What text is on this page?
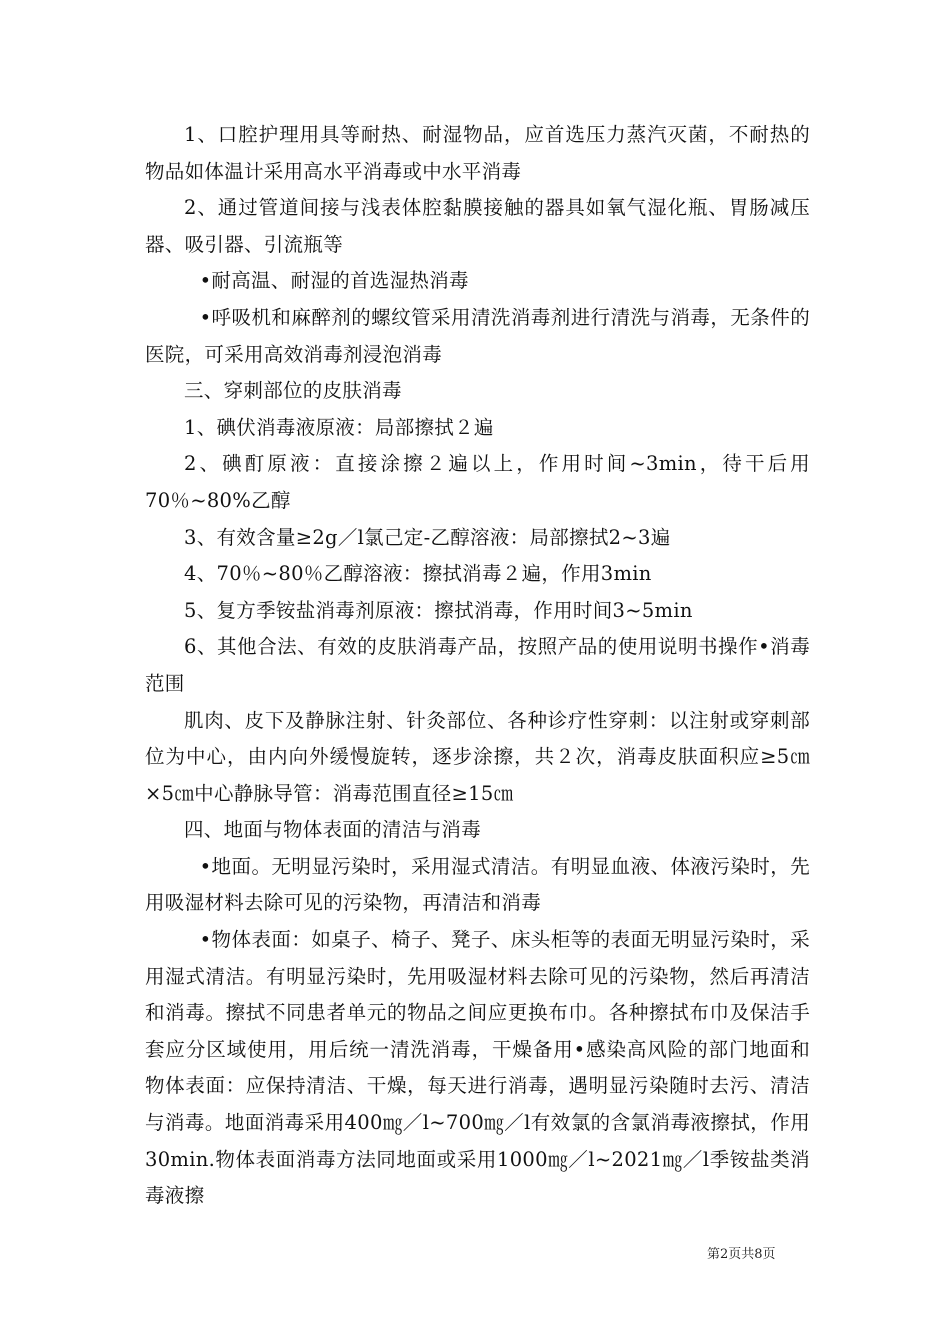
1、口腔护理用具等耐热、耐湿物品，应首选压力蒸汽灭菌，不耐热的物品如体温计采用高水平消毒或中水平消毒

2、通过管道间接与浅表体腔黏膜接触的器具如氧气湿化瓶、胃肠减压器、吸引器、引流瓶等

•耐高温、耐湿的首选湿热消毒

•呼吸机和麻醉剂的螺纹管采用清洗消毒剂进行清洗与消毒，无条件的医院，可采用高效消毒剂浸泡消毒

三、穿刺部位的皮肤消毒

1、碘伏消毒液原液：局部擦拭２遍

2、碘酊原液：直接涂擦２遍以上，作用时间~3min，待干后用70％~80%乙醇

3、有效含量≥2g／l氯己定-乙醇溶液：局部擦拭2~3遍

4、70％~80％乙醇溶液：擦拭消毒２遍，作用3min

5、复方季铵盐消毒剂原液：擦拭消毒，作用时间3~5min

6、其他合法、有效的皮肤消毒产品，按照产品的使用说明书操作•消毒范围

肌肉、皮下及静脉注射、针灸部位、各种诊疗性穿刺：以注射或穿刺部位为中心，由内向外缓慢旋转，逐步涂擦，共２次，消毒皮肤面积应≥5㎝×5㎝中心静脉导管：消毒范围直径≥15㎝

四、地面与物体表面的清洁与消毒

•地面。无明显污染时，采用湿式清洁。有明显血液、体液污染时，先用吸湿材料去除可见的污染物，再清洁和消毒

•物体表面：如桌子、椅子、凳子、床头柜等的表面无明显污染时，采用湿式清洁。有明显污染时，先用吸湿材料去除可见的污染物，然后再清洁和消毒。擦拭不同患者单元的物品之间应更换布巾。各种擦拭布巾及保洁手套应分区域使用，用后统一清洗消毒，干燥备用•感染高风险的部门地面和物体表面：应保持清洁、干燥，每天进行消毒，遇明显污染随时去污、清洁与消毒。地面消毒采用400㎎／l~700㎎／l有效氯的含氯消毒液擦拭，作用30min.物体表面消毒方法同地面或采用1000㎎／l~2021㎎／l季铵盐类消毒液擦

第2页共8页
